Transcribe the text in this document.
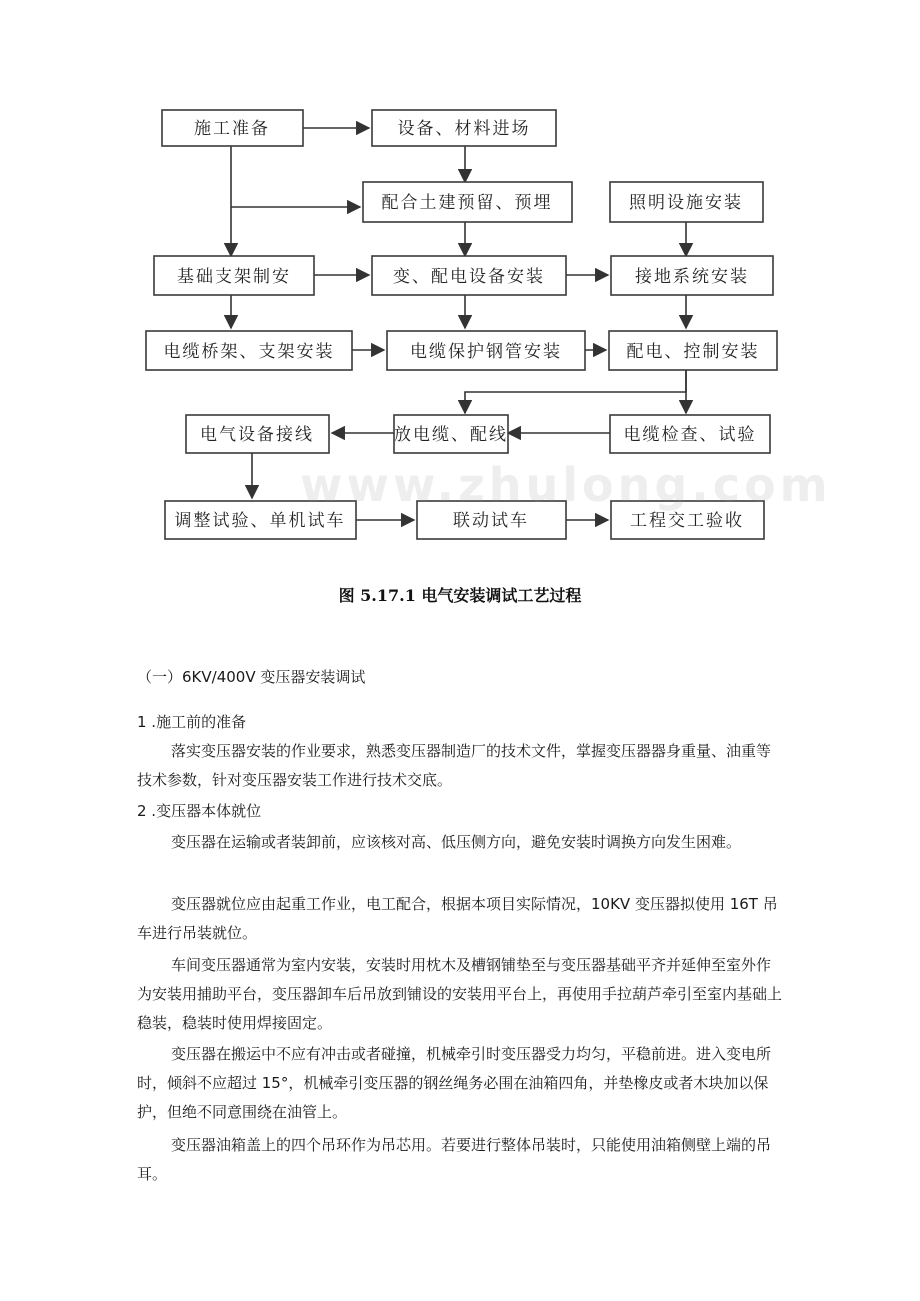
施工准备	设备、材料进场
配合土建预留、预埋	照明设施安装
基础支架制安	变、配电设备安装	接地系统安装
电缆桥架、支架安装	电缆保护钢管安装	配电、控制安装
电气设备接线	放电缆、配线	电缆检查、试验
调整试验、单机试车	联动试车	工程交工验收
www.zhulong.com
图 5.17.1 电气安装调试工艺过程

（一）6KV/400V 变压器安装调试

1 .施工前的准备

落实变压器安装的作业要求，熟悉变压器制造厂的技术文件，掌握变压器器身重量、油重等技术参数，针对变压器安装工作进行技术交底。

2 .变压器本体就位

变压器在运输或者装卸前，应该核对高、低压侧方向，避免安装时调换方向发生困难。

变压器就位应由起重工作业，电工配合，根据本项目实际情况，10KV 变压器拟使用 16T 吊车进行吊装就位。

车间变压器通常为室内安装，安装时用枕木及槽钢铺垫至与变压器基础平齐并延伸至室外作为安装用捕助平台，变压器卸车后吊放到铺设的安装用平台上，再使用手拉葫芦牵引至室内基础上稳装，稳装时使用焊接固定。

变压器在搬运中不应有冲击或者碰撞，机械牵引时变压器受力均匀，平稳前进。进入变电所时，倾斜不应超过 15°，机械牵引变压器的钢丝绳务必围在油箱四角，并垫橡皮或者木块加以保护，但绝不同意围绕在油管上。

变压器油箱盖上的四个吊环作为吊芯用。若要进行整体吊装时，只能使用油箱侧壁上端的吊耳。
